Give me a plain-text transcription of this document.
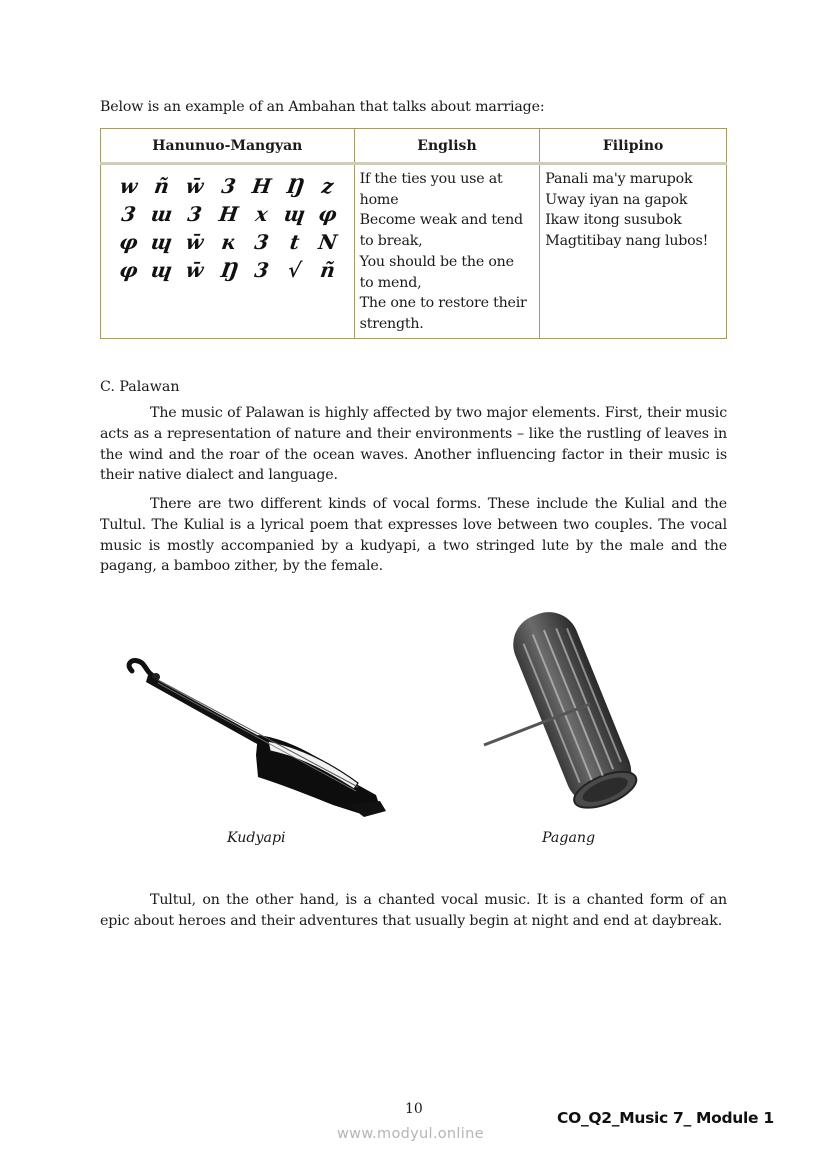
Below is an example of an Ambahan that talks about marriage:
Hanunuo-Mangyan	English	Filipino

w ñ w̄ 3 H Ŋ z
3 ɯ 3 H x ɰ φ
φ ɰ w̄ ĸ 3 t N
φ ɰ w̄ Ŋ 3 √ ñ

If the ties you use at
home
Become weak and tend
to break,
You should be the one
to mend,
The one to restore their
strength.

Panali ma'y marupok
Uway iyan na gapok
Ikaw itong susubok
Magtitibay nang lubos!
C. Palawan

The music of Palawan is highly affected by two major elements. First, their music acts as a representation of nature and their environments – like the rustling of leaves in the wind and the roar of the ocean waves. Another influencing factor in their music is their native dialect and language.

There are two different kinds of vocal forms. These include the Kulial and the Tultul. The Kulial is a lyrical poem that expresses love between two couples. The vocal music is mostly accompanied by a kudyapi, a two stringed lute by the male and the pagang, a bamboo zither, by the female.

Kudyapi	Pagang

Tultul, on the other hand, is a chanted vocal music. It is a chanted form of an epic about heroes and their adventures that usually begin at night and end at daybreak.

10	CO_Q2_Music 7_ Module 1
www.modyul.online
